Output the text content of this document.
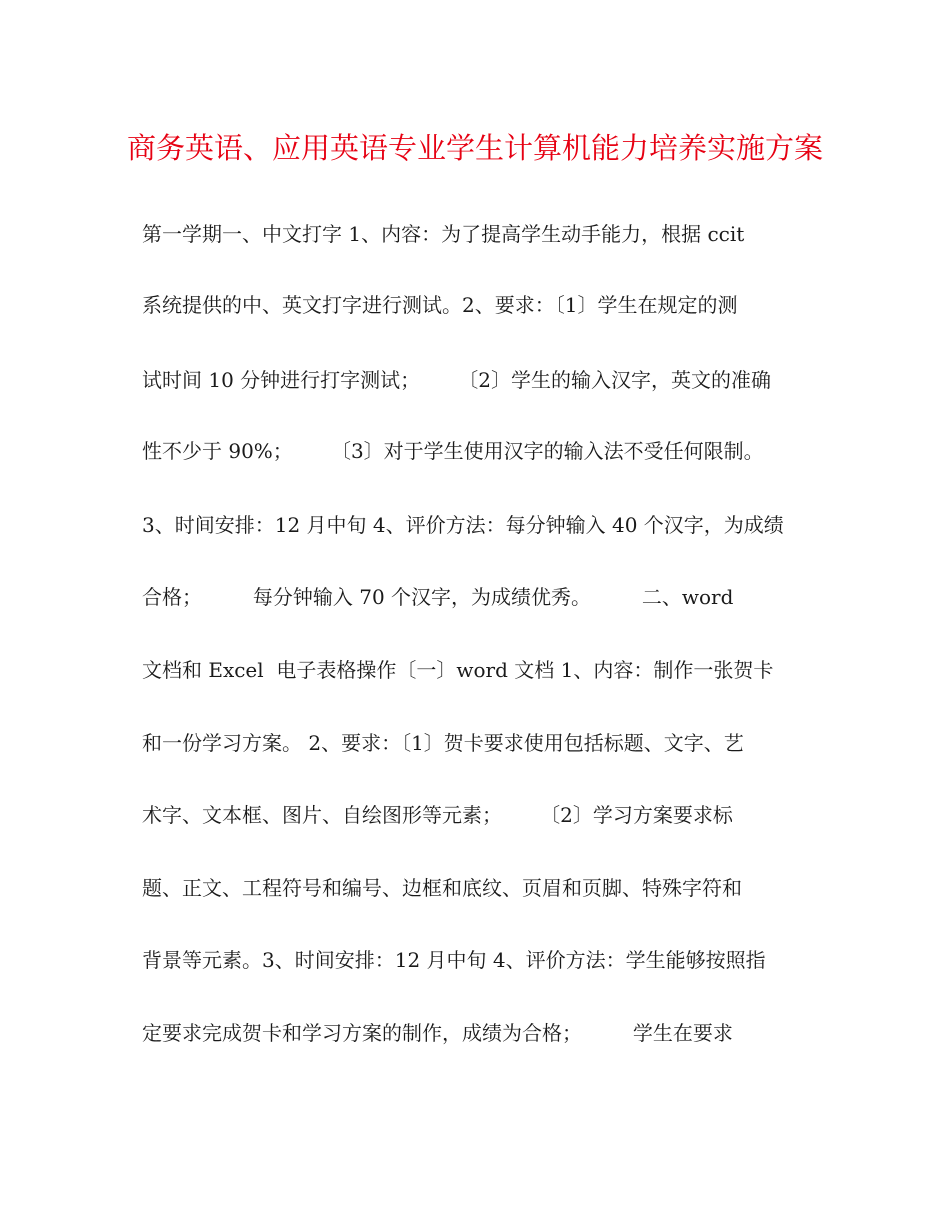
商务英语、应用英语专业学生计算机能力培养实施方案
第一学期一、中文打字 1、内容：为了提高学生动手能力，根据 ccit
系统提供的中、英文打字进行测试。2、要求：〔1〕学生在规定的测
试时间 10 分钟进行打字测试；      〔2〕学生的输入汉字，英文的准确
性不少于 90%；      〔3〕对于学生使用汉字的输入法不受任何限制。
3、时间安排：12 月中旬 4、评价方法：每分钟输入 40 个汉字，为成绩
合格；        每分钟输入 70 个汉字，为成绩优秀。        二、word
文档和 Excel  电子表格操作〔一〕word 文档 1、内容：制作一张贺卡
和一份学习方案。 2、要求：〔1〕贺卡要求使用包括标题、文字、艺
术字、文本框、图片、自绘图形等元素；      〔2〕学习方案要求标
题、正文、工程符号和编号、边框和底纹、页眉和页脚、特殊字符和
背景等元素。3、时间安排：12 月中旬 4、评价方法：学生能够按照指
定要求完成贺卡和学习方案的制作，成绩为合格；        学生在要求
